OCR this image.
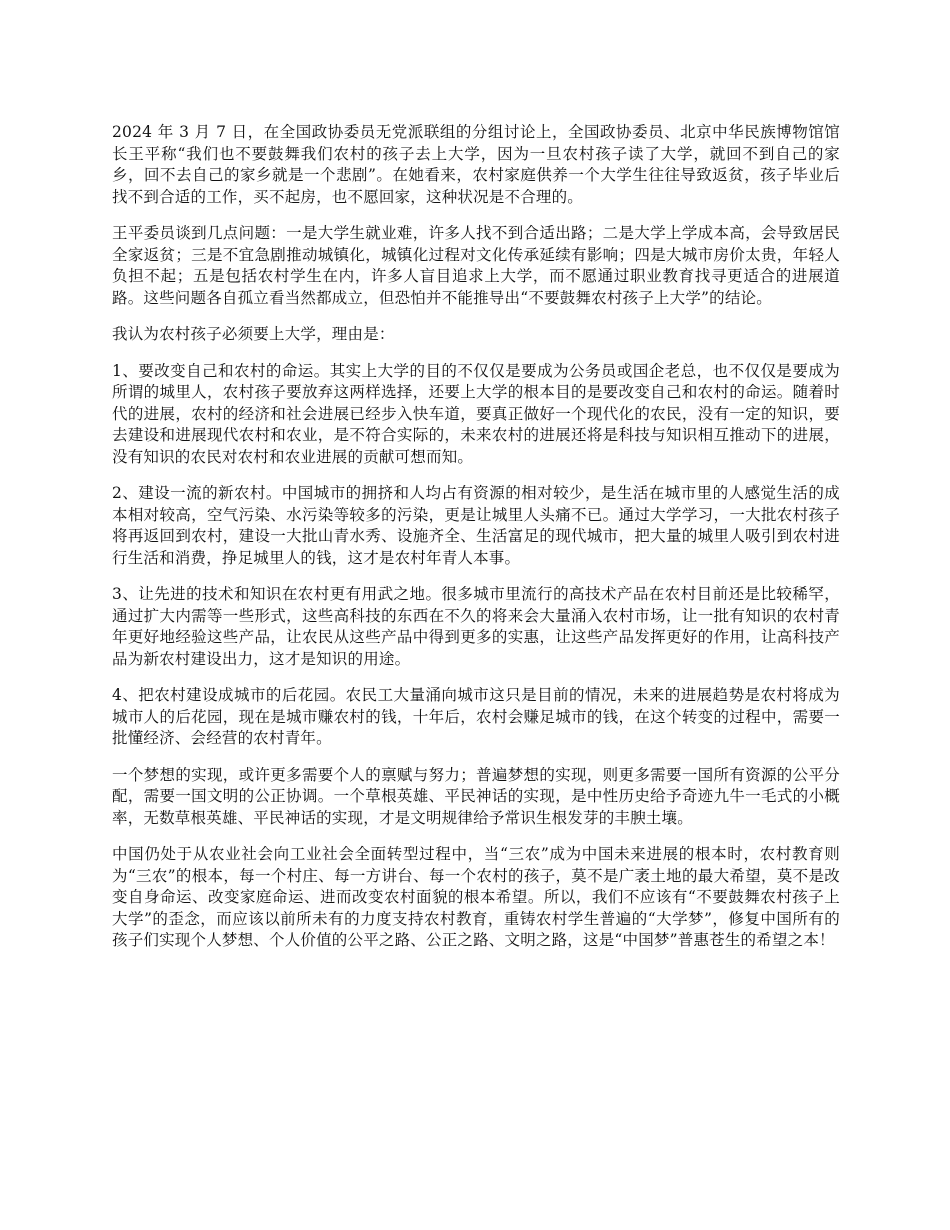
2024 年 3 月 7 日，在全国政协委员无党派联组的分组讨论上，全国政协委员、北京中华民族博物馆馆长王平称“我们也不要鼓舞我们农村的孩子去上大学，因为一旦农村孩子读了大学，就回不到自己的家乡，回不去自己的家乡就是一个悲剧”。在她看来，农村家庭供养一个大学生往往导致返贫，孩子毕业后找不到合适的工作，买不起房，也不愿回家，这种状况是不合理的。

王平委员谈到几点问题：一是大学生就业难，许多人找不到合适出路；二是大学上学成本高，会导致居民全家返贫；三是不宜急剧推动城镇化，城镇化过程对文化传承延续有影响；四是大城市房价太贵，年轻人负担不起；五是包括农村学生在内，许多人盲目追求上大学，而不愿通过职业教育找寻更适合的进展道路。这些问题各自孤立看当然都成立，但恐怕并不能推导出“不要鼓舞农村孩子上大学”的结论。

我认为农村孩子必须要上大学，理由是：

1、要改变自己和农村的命运。其实上大学的目的不仅仅是要成为公务员或国企老总，也不仅仅是要成为所谓的城里人，农村孩子要放弃这两样选择，还要上大学的根本目的是要改变自己和农村的命运。随着时代的进展，农村的经济和社会进展已经步入快车道，要真正做好一个现代化的农民，没有一定的知识，要去建设和进展现代农村和农业，是不符合实际的，未来农村的进展还将是科技与知识相互推动下的进展，没有知识的农民对农村和农业进展的贡献可想而知。

2、建设一流的新农村。中国城市的拥挤和人均占有资源的相对较少，是生活在城市里的人感觉生活的成本相对较高，空气污染、水污染等较多的污染，更是让城里人头痛不已。通过大学学习，一大批农村孩子将再返回到农村，建设一大批山青水秀、设施齐全、生活富足的现代城市，把大量的城里人吸引到农村进行生活和消费，挣足城里人的钱，这才是农村年青人本事。

3、让先进的技术和知识在农村更有用武之地。很多城市里流行的高技术产品在农村目前还是比较稀罕，通过扩大内需等一些形式，这些高科技的东西在不久的将来会大量涌入农村市场，让一批有知识的农村青年更好地经验这些产品，让农民从这些产品中得到更多的实惠，让这些产品发挥更好的作用，让高科技产品为新农村建设出力，这才是知识的用途。

4、把农村建设成城市的后花园。农民工大量涌向城市这只是目前的情况，未来的进展趋势是农村将成为城市人的后花园，现在是城市赚农村的钱，十年后，农村会赚足城市的钱，在这个转变的过程中，需要一批懂经济、会经营的农村青年。

一个梦想的实现，或许更多需要个人的禀赋与努力；普遍梦想的实现，则更多需要一国所有资源的公平分配，需要一国文明的公正协调。一个草根英雄、平民神话的实现，是中性历史给予奇迹九牛一毛式的小概率，无数草根英雄、平民神话的实现，才是文明规律给予常识生根发芽的丰腴土壤。

中国仍处于从农业社会向工业社会全面转型过程中，当“三农”成为中国未来进展的根本时，农村教育则为“三农”的根本，每一个村庄、每一方讲台、每一个农村的孩子，莫不是广袤土地的最大希望，莫不是改变自身命运、改变家庭命运、进而改变农村面貌的根本希望。所以，我们不应该有“不要鼓舞农村孩子上大学”的歪念，而应该以前所未有的力度支持农村教育，重铸农村学生普遍的“大学梦”，修复中国所有的孩子们实现个人梦想、个人价值的公平之路、公正之路、文明之路，这是“中国梦”普惠苍生的希望之本！
